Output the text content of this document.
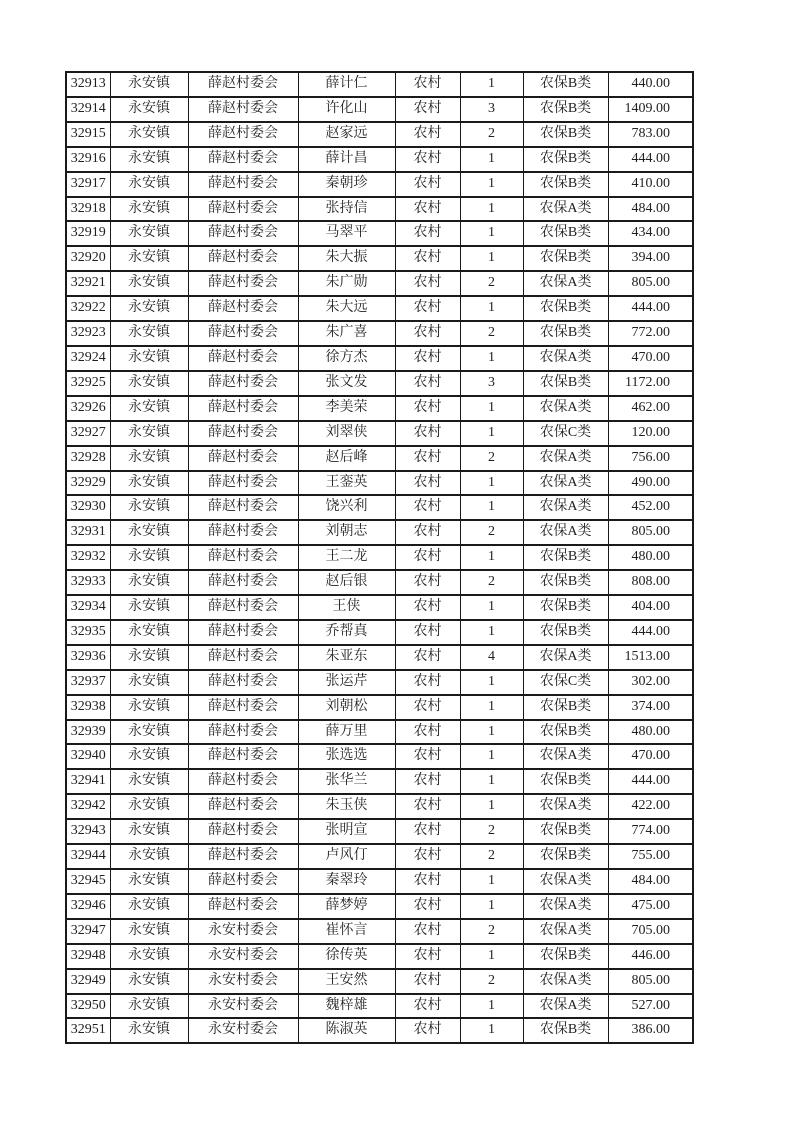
32913	永安镇	薛赵村委会	薛计仁	农村	1	农保B类	440.00
32914	永安镇	薛赵村委会	许化山	农村	3	农保B类	1409.00
32915	永安镇	薛赵村委会	赵家远	农村	2	农保B类	783.00
32916	永安镇	薛赵村委会	薛计昌	农村	1	农保B类	444.00
32917	永安镇	薛赵村委会	秦朝珍	农村	1	农保B类	410.00
32918	永安镇	薛赵村委会	张持信	农村	1	农保A类	484.00
32919	永安镇	薛赵村委会	马翠平	农村	1	农保B类	434.00
32920	永安镇	薛赵村委会	朱大振	农村	1	农保B类	394.00
32921	永安镇	薛赵村委会	朱广勋	农村	2	农保A类	805.00
32922	永安镇	薛赵村委会	朱大远	农村	1	农保B类	444.00
32923	永安镇	薛赵村委会	朱广喜	农村	2	农保B类	772.00
32924	永安镇	薛赵村委会	徐方杰	农村	1	农保A类	470.00
32925	永安镇	薛赵村委会	张文发	农村	3	农保B类	1172.00
32926	永安镇	薛赵村委会	李美荣	农村	1	农保A类	462.00
32927	永安镇	薛赵村委会	刘翠侠	农村	1	农保C类	120.00
32928	永安镇	薛赵村委会	赵后峰	农村	2	农保A类	756.00
32929	永安镇	薛赵村委会	王銮英	农村	1	农保A类	490.00
32930	永安镇	薛赵村委会	饶兴利	农村	1	农保A类	452.00
32931	永安镇	薛赵村委会	刘朝志	农村	2	农保A类	805.00
32932	永安镇	薛赵村委会	王二龙	农村	1	农保B类	480.00
32933	永安镇	薛赵村委会	赵后银	农村	2	农保B类	808.00
32934	永安镇	薛赵村委会	王侠	农村	1	农保B类	404.00
32935	永安镇	薛赵村委会	乔帮真	农村	1	农保B类	444.00
32936	永安镇	薛赵村委会	朱亚东	农村	4	农保A类	1513.00
32937	永安镇	薛赵村委会	张运芹	农村	1	农保C类	302.00
32938	永安镇	薛赵村委会	刘朝松	农村	1	农保B类	374.00
32939	永安镇	薛赵村委会	薛万里	农村	1	农保B类	480.00
32940	永安镇	薛赵村委会	张选选	农村	1	农保A类	470.00
32941	永安镇	薛赵村委会	张华兰	农村	1	农保B类	444.00
32942	永安镇	薛赵村委会	朱玉侠	农村	1	农保A类	422.00
32943	永安镇	薛赵村委会	张明宣	农村	2	农保B类	774.00
32944	永安镇	薛赵村委会	卢风仃	农村	2	农保B类	755.00
32945	永安镇	薛赵村委会	秦翠玲	农村	1	农保A类	484.00
32946	永安镇	薛赵村委会	薛梦婷	农村	1	农保A类	475.00
32947	永安镇	永安村委会	崔怀言	农村	2	农保A类	705.00
32948	永安镇	永安村委会	徐传英	农村	1	农保B类	446.00
32949	永安镇	永安村委会	王安然	农村	2	农保A类	805.00
32950	永安镇	永安村委会	魏梓雄	农村	1	农保A类	527.00
32951	永安镇	永安村委会	陈淑英	农村	1	农保B类	386.00
